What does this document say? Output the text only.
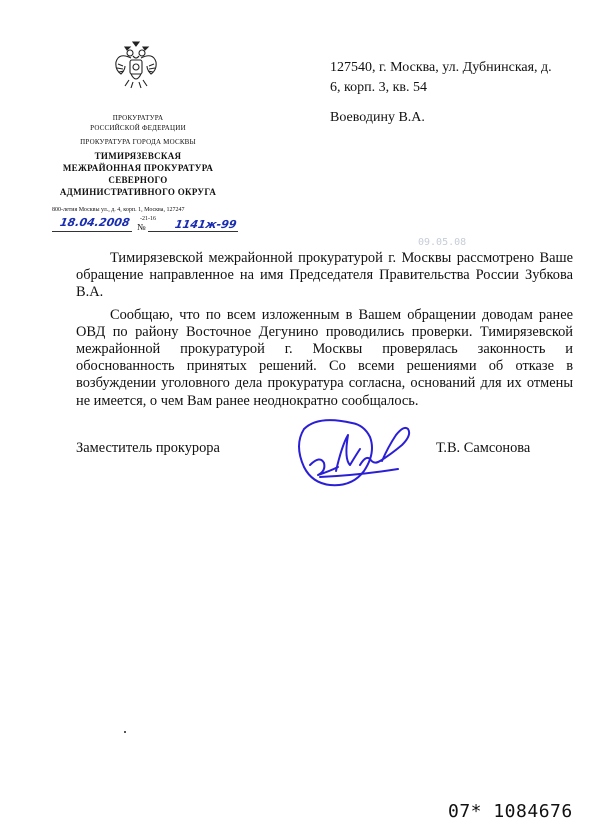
ПРОКУРАТУРА
РОССИЙСКОЙ ФЕДЕРАЦИИ
ПРОКУРАТУРА ГОРОДА МОСКВЫ
ТИМИРЯЗЕВСКАЯ
МЕЖРАЙОННАЯ ПРОКУРАТУРА
СЕВЕРНОГО
АДМИНИСТРАТИВНОГО ОКРУГА
800-летия Москвы ул., д. 4, корп. 1, Москва, 127247
-21-16
18.04.2008 №	1141ж-99
127540, г. Москва, ул. Дубнинская, д.
6, корп. 3, кв. 54
Воеводину В.А.
09.05.08

Тимирязевской межрайонной прокуратурой г. Москвы рассмотрено Ваше обращение направленное на имя Председателя Правительства России Зубкова В.А.

Сообщаю, что по всем изложенным в Вашем обращении доводам ранее ОВД по району Восточное Дегунино проводились проверки. Тимирязевской межрайонной прокуратурой г. Москвы проверялась законность и обоснованность принятых решений. Со всеми решениями об отказе в возбуждении уголовного дела прокуратура согласна, оснований для их отмены не имеется, о чем Вам ранее неоднократно сообщалось.

Заместитель прокурора	Т.В. Самсонова
07* 1084676
